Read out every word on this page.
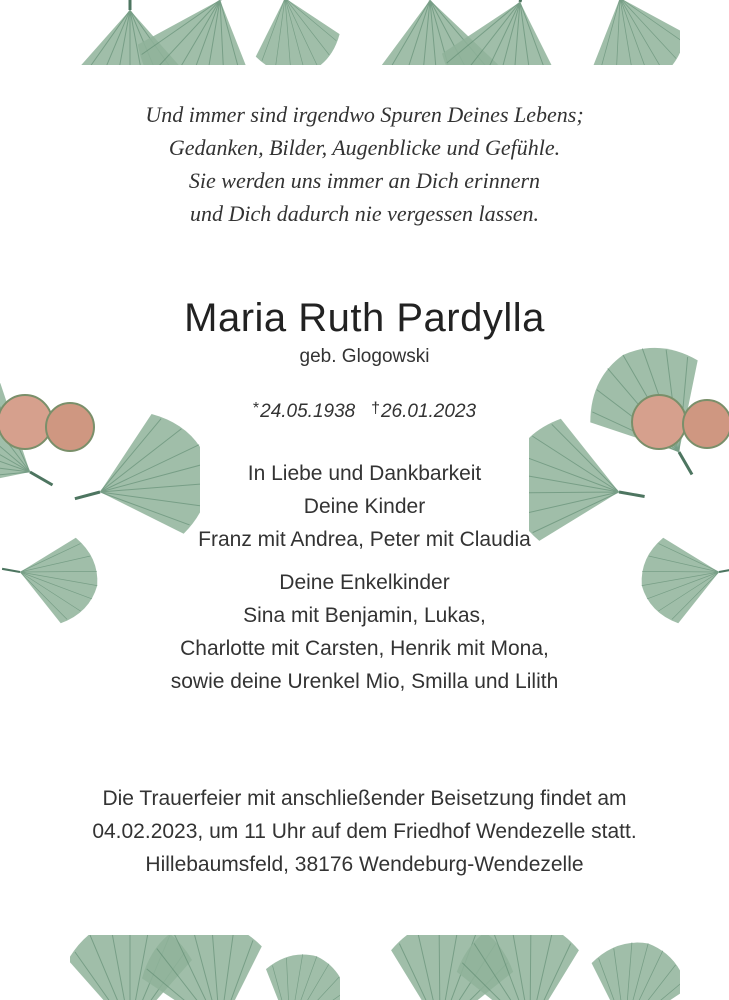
Und immer sind irgendwo Spuren Deines Lebens;
Gedanken, Bilder, Augenblicke und Gefühle.
Sie werden uns immer an Dich erinnern
und Dich dadurch nie vergessen lassen.
Maria Ruth Pardylla
geb. Glogowski
*24.05.1938 †26.01.2023
In Liebe und Dankbarkeit
Deine Kinder
Franz mit Andrea, Peter mit Claudia
Deine Enkelkinder
Sina mit Benjamin, Lukas,
Charlotte mit Carsten, Henrik mit Mona,
sowie deine Urenkel Mio, Smilla und Lilith
Die Trauerfeier mit anschließender Beisetzung findet am
04.02.2023, um 11 Uhr auf dem Friedhof Wendezelle statt.
Hillebaumsfeld, 38176 Wendeburg-Wendezelle
